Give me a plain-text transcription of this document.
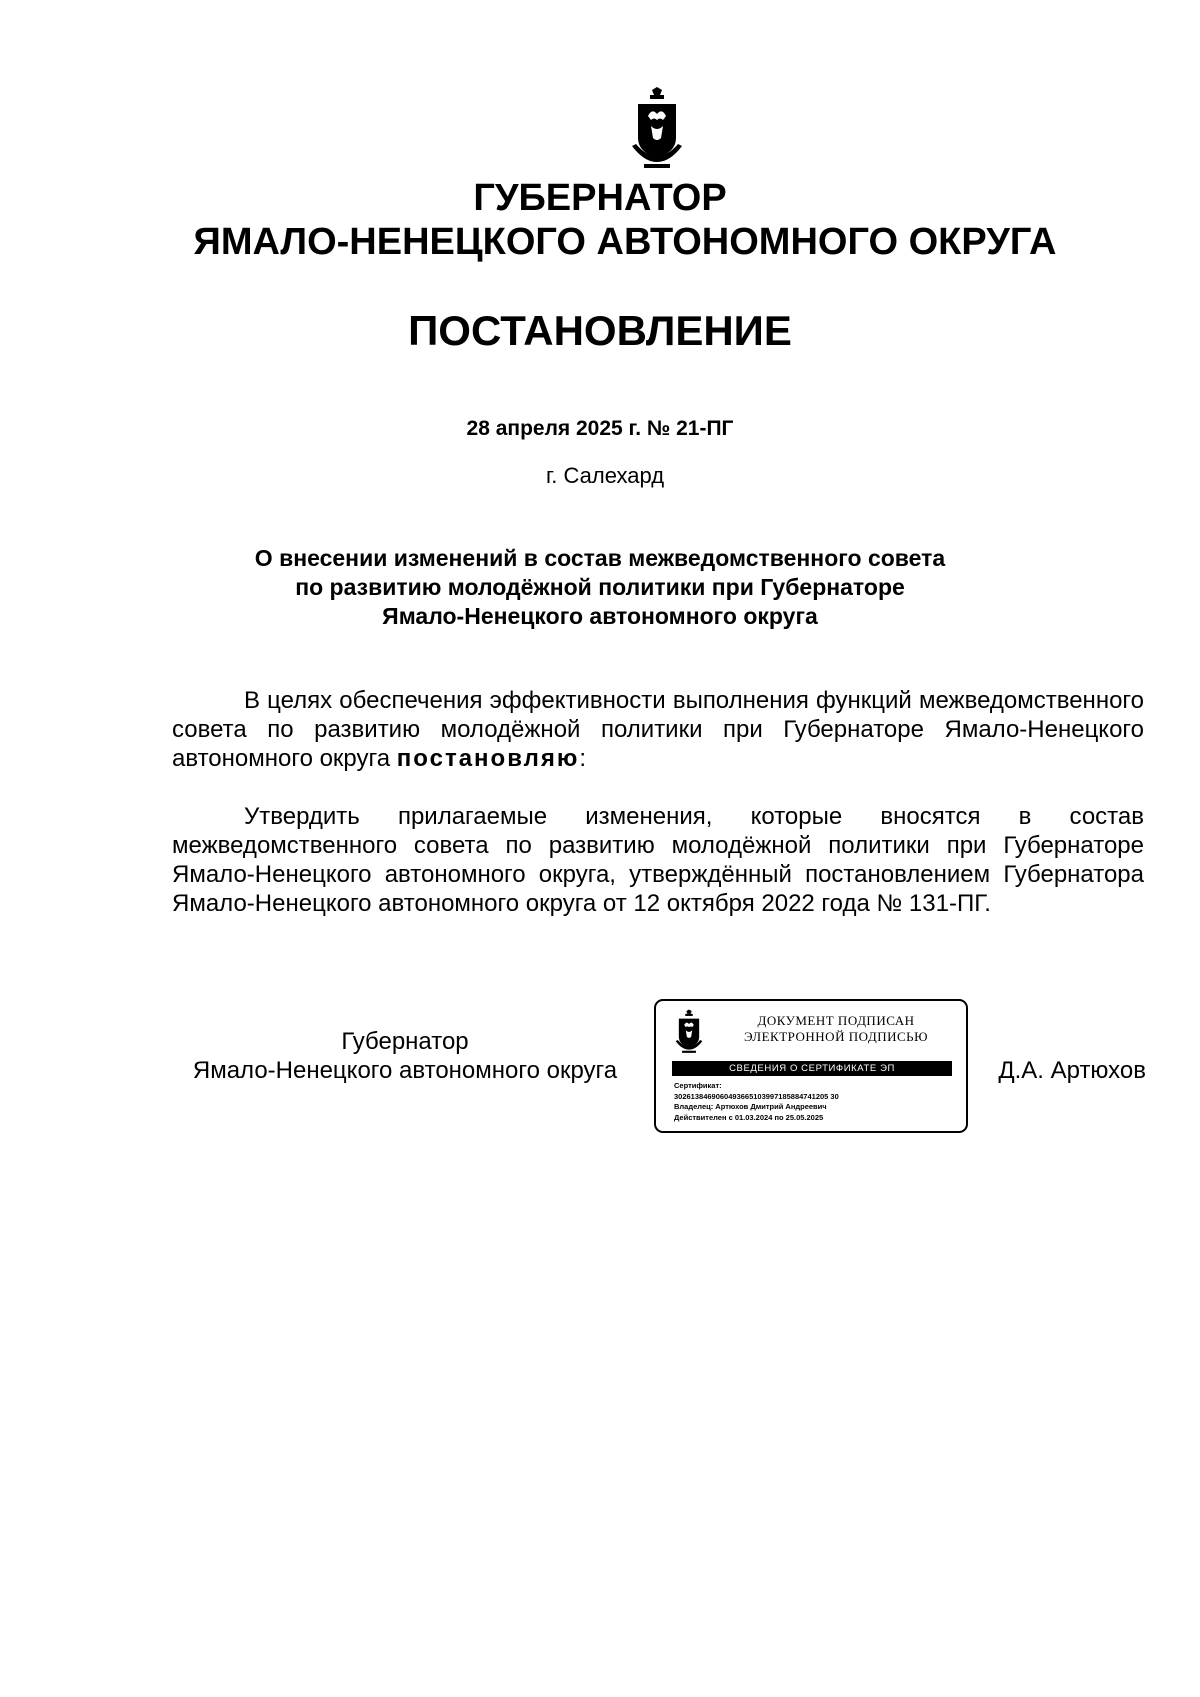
ГУБЕРНАТОР
ЯМАЛО-НЕНЕЦКОГО АВТОНОМНОГО ОКРУГА
ПОСТАНОВЛЕНИЕ
28 апреля 2025 г. № 21-ПГ
г. Салехард
О внесении изменений в состав межведомственного совета
по развитию молодёжной политики при Губернаторе
Ямало-Ненецкого автономного округа
В целях обеспечения эффективности выполнения функций межведомственного совета по развитию молодёжной политики при Губернаторе Ямало-Ненецкого автономного округа постановляю:
Утвердить прилагаемые изменения, которые вносятся в состав межведомственного совета по развитию молодёжной политики при Губернаторе Ямало-Ненецкого автономного округа, утверждённый постановлением Губернатора Ямало-Ненецкого автономного округа от 12 октября 2022 года № 131-ПГ.
Губернатор
Ямало-Ненецкого автономного округа
ДОКУМЕНТ ПОДПИСАН
ЭЛЕКТРОННОЙ ПОДПИСЬЮ
СВЕДЕНИЯ О СЕРТИФИКАТЕ ЭП
Сертификат:
3026138469060493665103997185884741205 30
Владелец: Артюхов Дмитрий Андреевич
Действителен с 01.03.2024 по 25.05.2025
Д.А. Артюхов
